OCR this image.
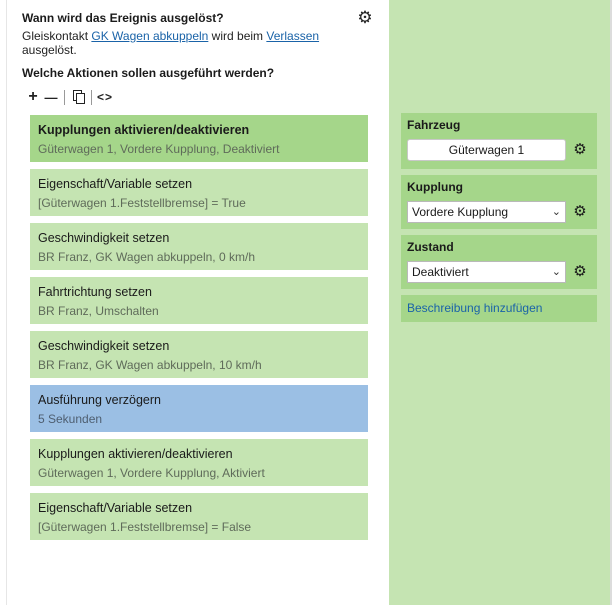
Wann wird das Ereignis ausgelöst?	⚙
Gleiskontakt GK Wagen abkuppeln wird beim Verlassen
ausgelöst.
Welche Aktionen sollen ausgeführt werden?
+ —	<>
Kupplungen aktivieren/deaktivieren
Güterwagen 1, Vordere Kupplung, Deaktiviert
Eigenschaft/Variable setzen
[Güterwagen 1.Feststellbremse] = True
Geschwindigkeit setzen
BR Franz, GK Wagen abkuppeln, 0 km/h
Fahrtrichtung setzen
BR Franz, Umschalten
Geschwindigkeit setzen
BR Franz, GK Wagen abkuppeln, 10 km/h
Ausführung verzögern
5 Sekunden
Kupplungen aktivieren/deaktivieren
Güterwagen 1, Vordere Kupplung, Aktiviert
Eigenschaft/Variable setzen
[Güterwagen 1.Feststellbremse] = False
Fahrzeug
Güterwagen 1	⚙
Kupplung
Vordere Kupplung	⌄ ⚙
Zustand
Deaktiviert	⌄ ⚙
Beschreibung hinzufügen
